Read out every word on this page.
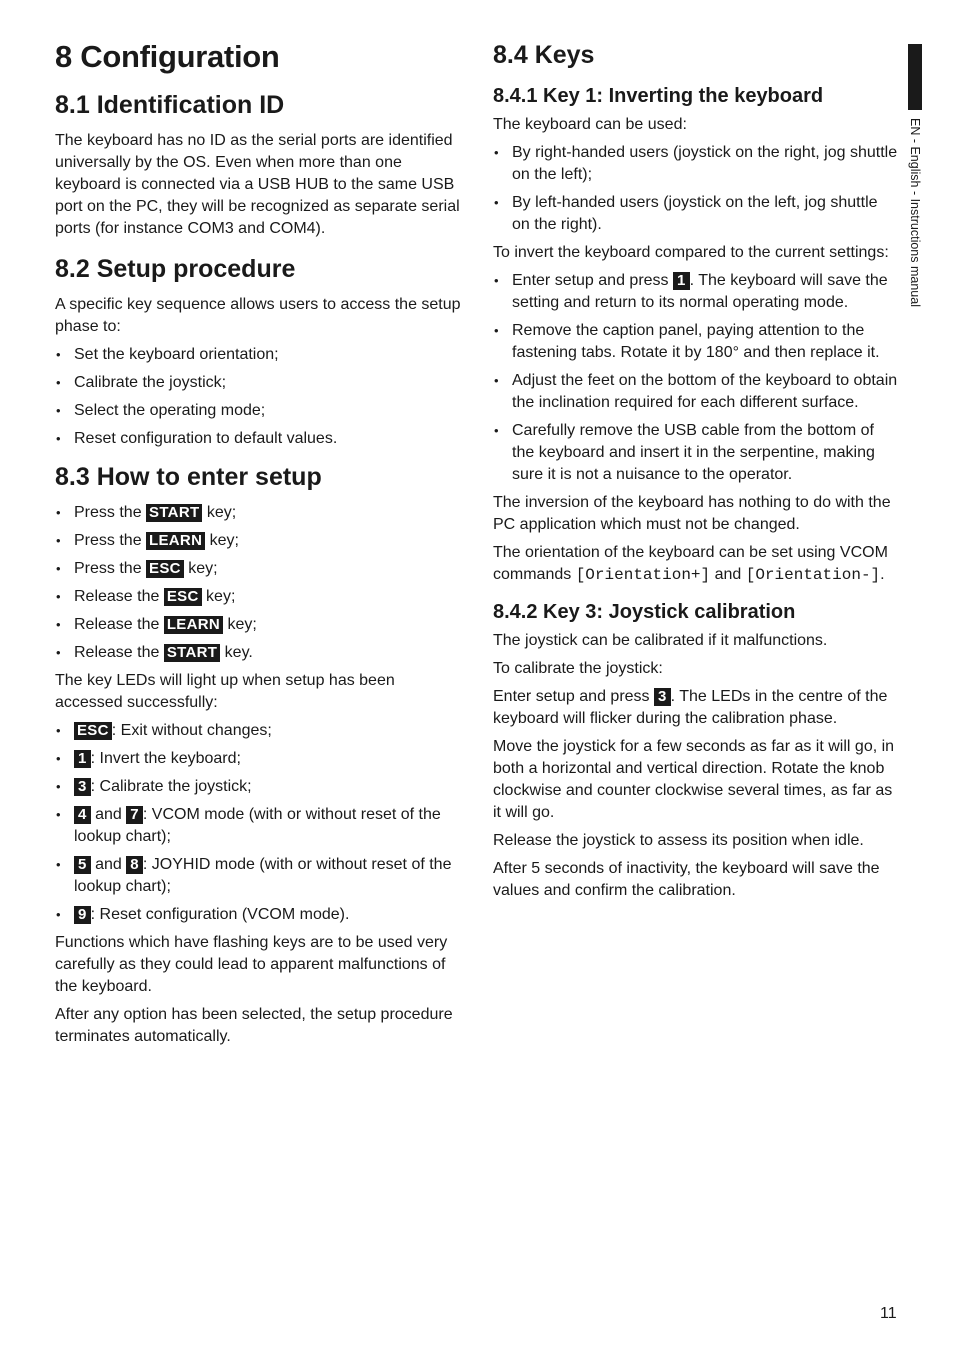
8 Configuration
8.1 Identification ID

The keyboard has no ID as the serial ports are identified universally by the OS. Even when more than one keyboard is connected via a USB HUB to the same USB port on the PC, they will be recognized as separate serial ports (for instance COM3 and COM4).

8.2 Setup procedure

A specific key sequence allows users to access the setup phase to:

• Set the keyboard orientation;
• Calibrate the joystick;
• Select the operating mode;
• Reset configuration to default values.
8.3 How to enter setup
• Press the START key;
• Press the LEARN key;
• Press the ESC key;
• Release the ESC key;
• Release the LEARN key;
• Release the START key.

The key LEDs will light up when setup has been accessed successfully:

• ESC : Exit without changes;
• 1 : Invert the keyboard;
• 3 : Calibrate the joystick;
• 4 and 7 : VCOM mode (with or without reset of the lookup chart);
• 5 and 8 : JOYHID mode (with or without reset of the lookup chart);
• 9 : Reset configuration (VCOM mode).

Functions which have flashing keys are to be used very carefully as they could lead to apparent malfunctions of the keyboard.

After any option has been selected, the setup procedure terminates automatically.

8.4 Keys
8.4.1 Key 1: Inverting the keyboard

The keyboard can be used:

• By right-handed users (joystick on the right, jog shuttle on the left);
• By left-handed users (joystick on the left, jog shuttle on the right).

To invert the keyboard compared to the current settings:

• Enter setup and press 1 . The keyboard will save the setting and return to its normal operating mode.
• Remove the caption panel, paying attention to the fastening tabs. Rotate it by 180° and then replace it.
• Adjust the feet on the bottom of the keyboard to obtain the inclination required for each different surface.
• Carefully remove the USB cable from the bottom of the keyboard and insert it in the serpentine, making sure it is not a nuisance to the operator.

The inversion of the keyboard has nothing to do with the PC application which must not be changed.

The orientation of the keyboard can be set using VCOM commands [Orientation+] and [Orientation-].

8.4.2 Key 3: Joystick calibration

The joystick can be calibrated if it malfunctions.

To calibrate the joystick:

Enter setup and press 3 . The LEDs in the centre of the keyboard will flicker during the calibration phase.

Move the joystick for a few seconds as far as it will go, in both a horizontal and vertical direction. Rotate the knob clockwise and counter clockwise several times, as far as it will go.

Release the joystick to assess its position when idle.

After 5 seconds of inactivity, the keyboard will save the values and confirm the calibration.

EN - English - Instructions manual
11
